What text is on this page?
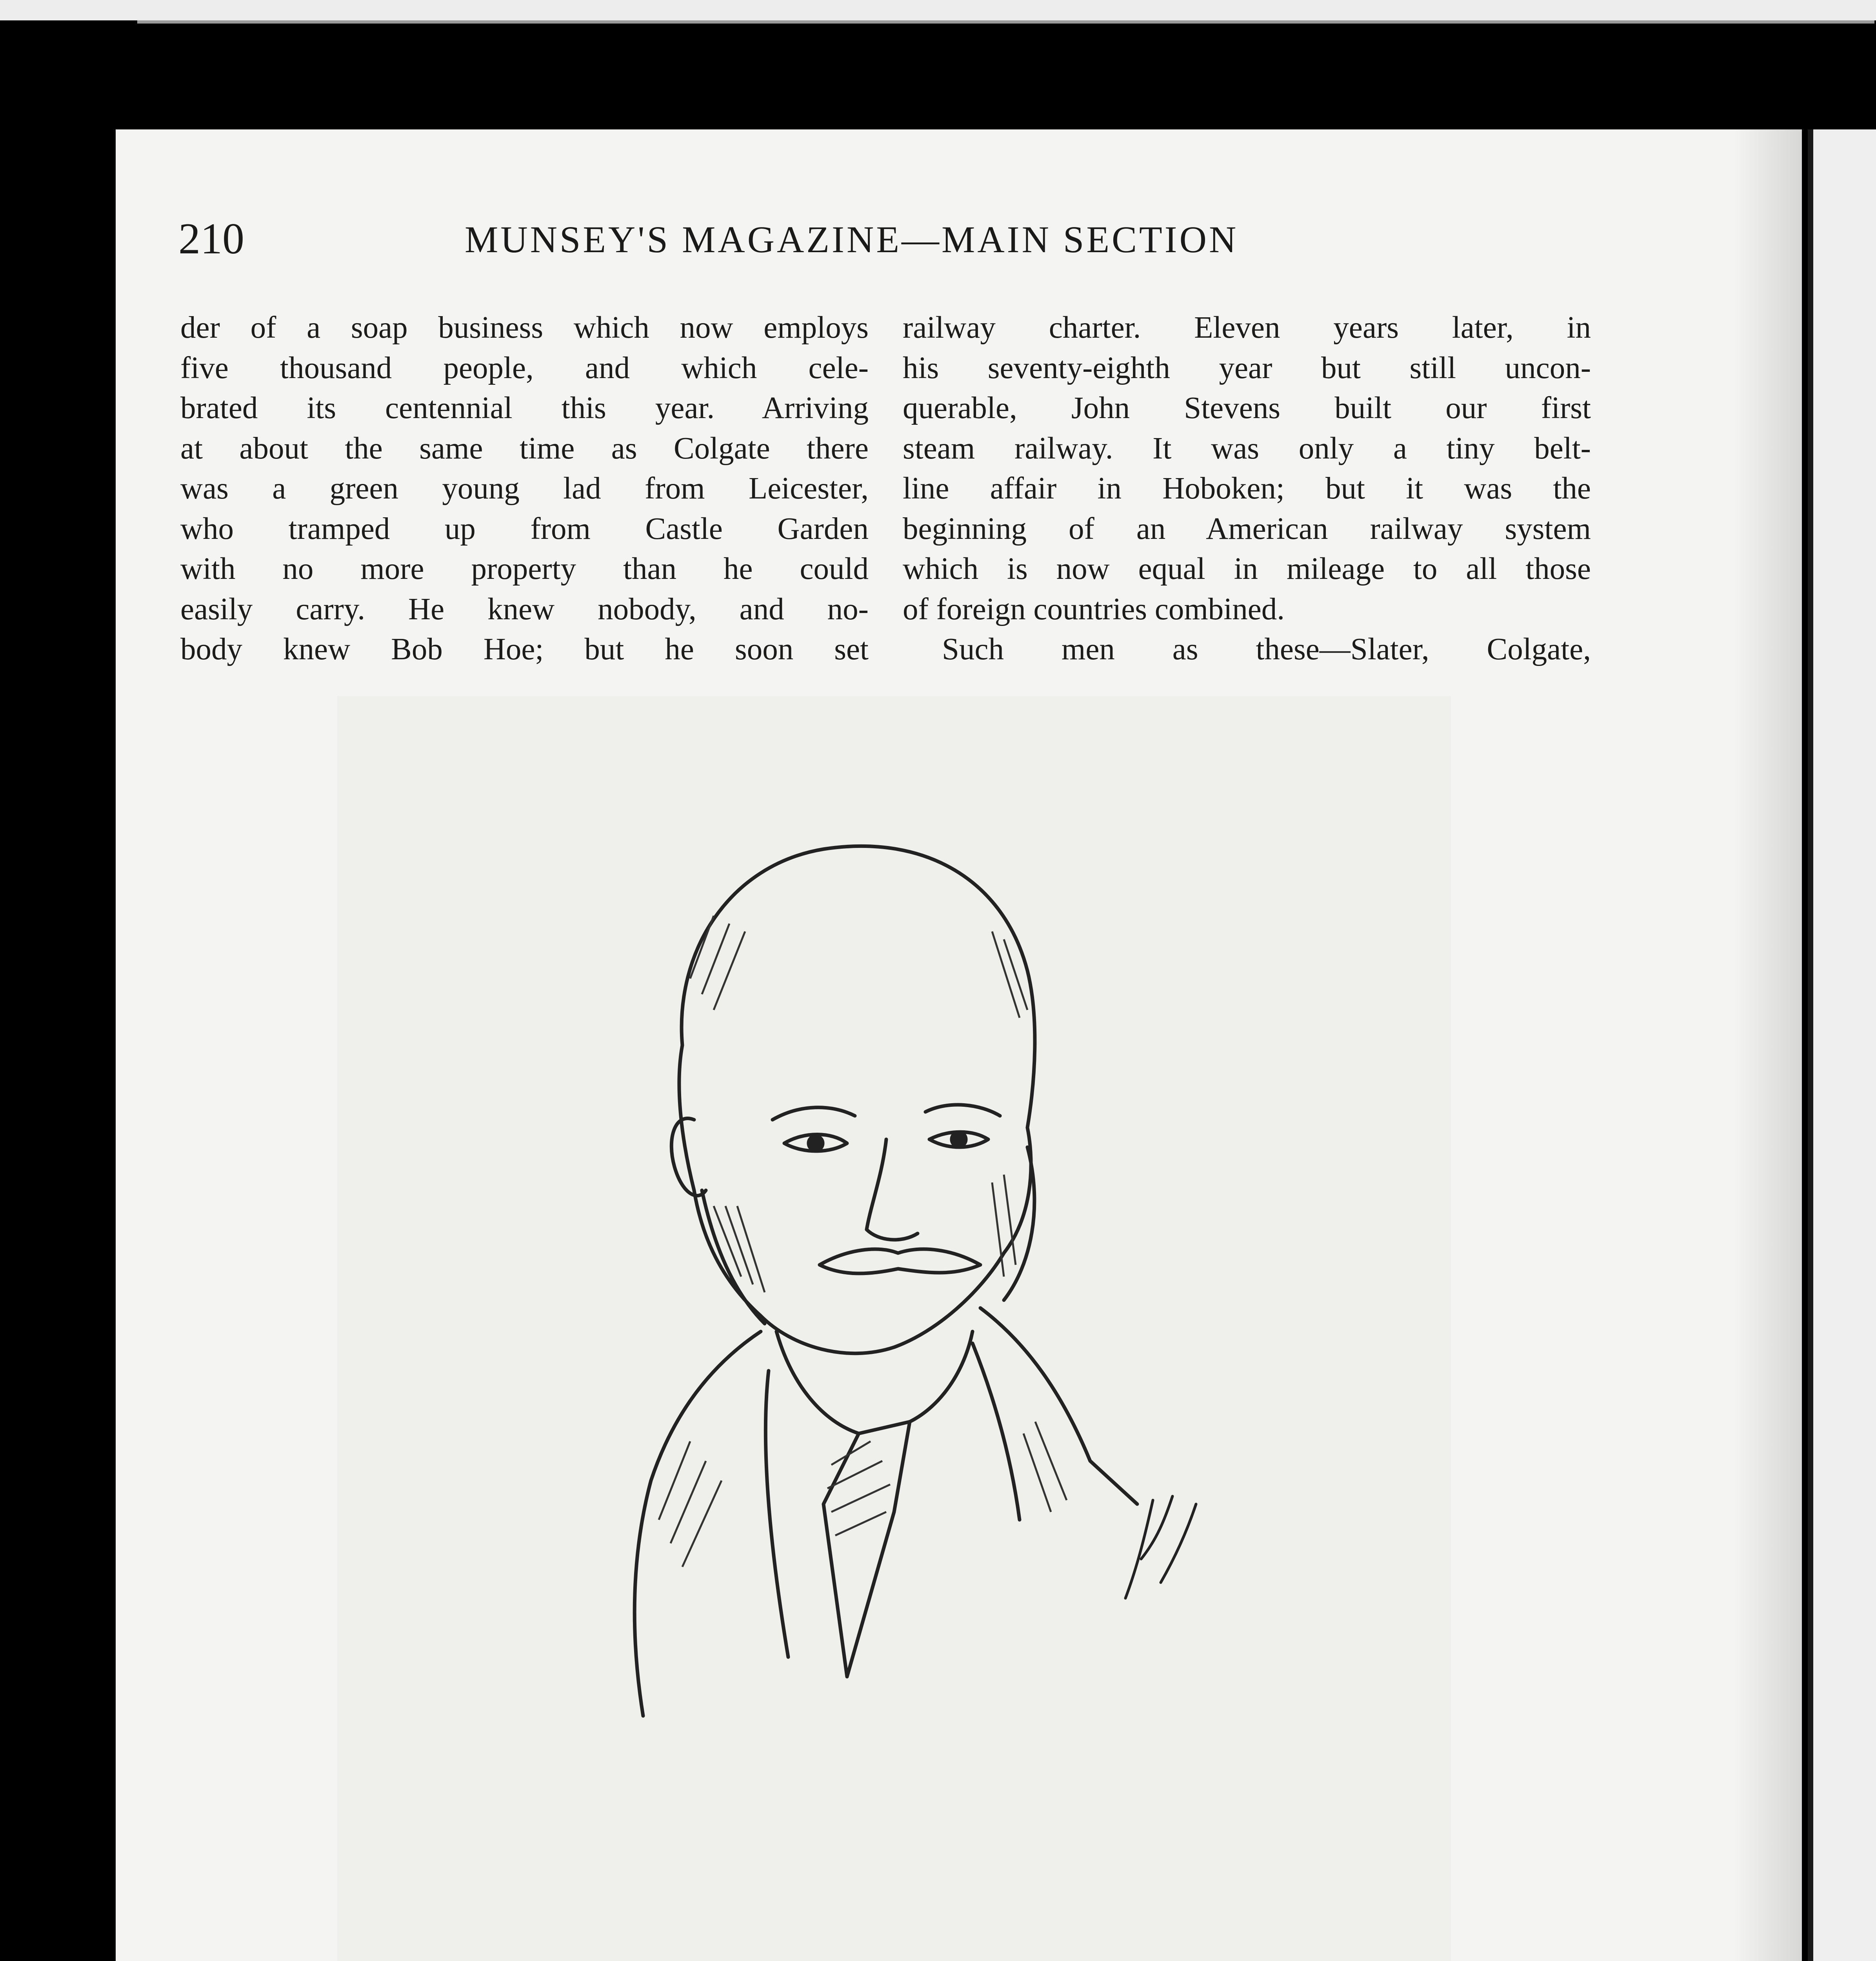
210	MUNSEY'S MAGAZINE—MAIN SECTION
der of a soap business which now employs
five thousand people, and which cele-
brated its centennial this year. Arriving
at about the same time as Colgate there
was a green young lad from Leicester,
who tramped up from Castle Garden
with no more property than he could
easily carry. He knew nobody, and no-
body knew Bob Hoe; but he soon set
railway charter. Eleven years later, in
his seventy-eighth year but still uncon-
querable, John Stevens built our first
steam railway. It was only a tiny belt-
line affair in Hoboken; but it was the
beginning of an American railway system
which is now equal in mileage to all those
of foreign countries combined.
Such men as these—Slater, Colgate,
